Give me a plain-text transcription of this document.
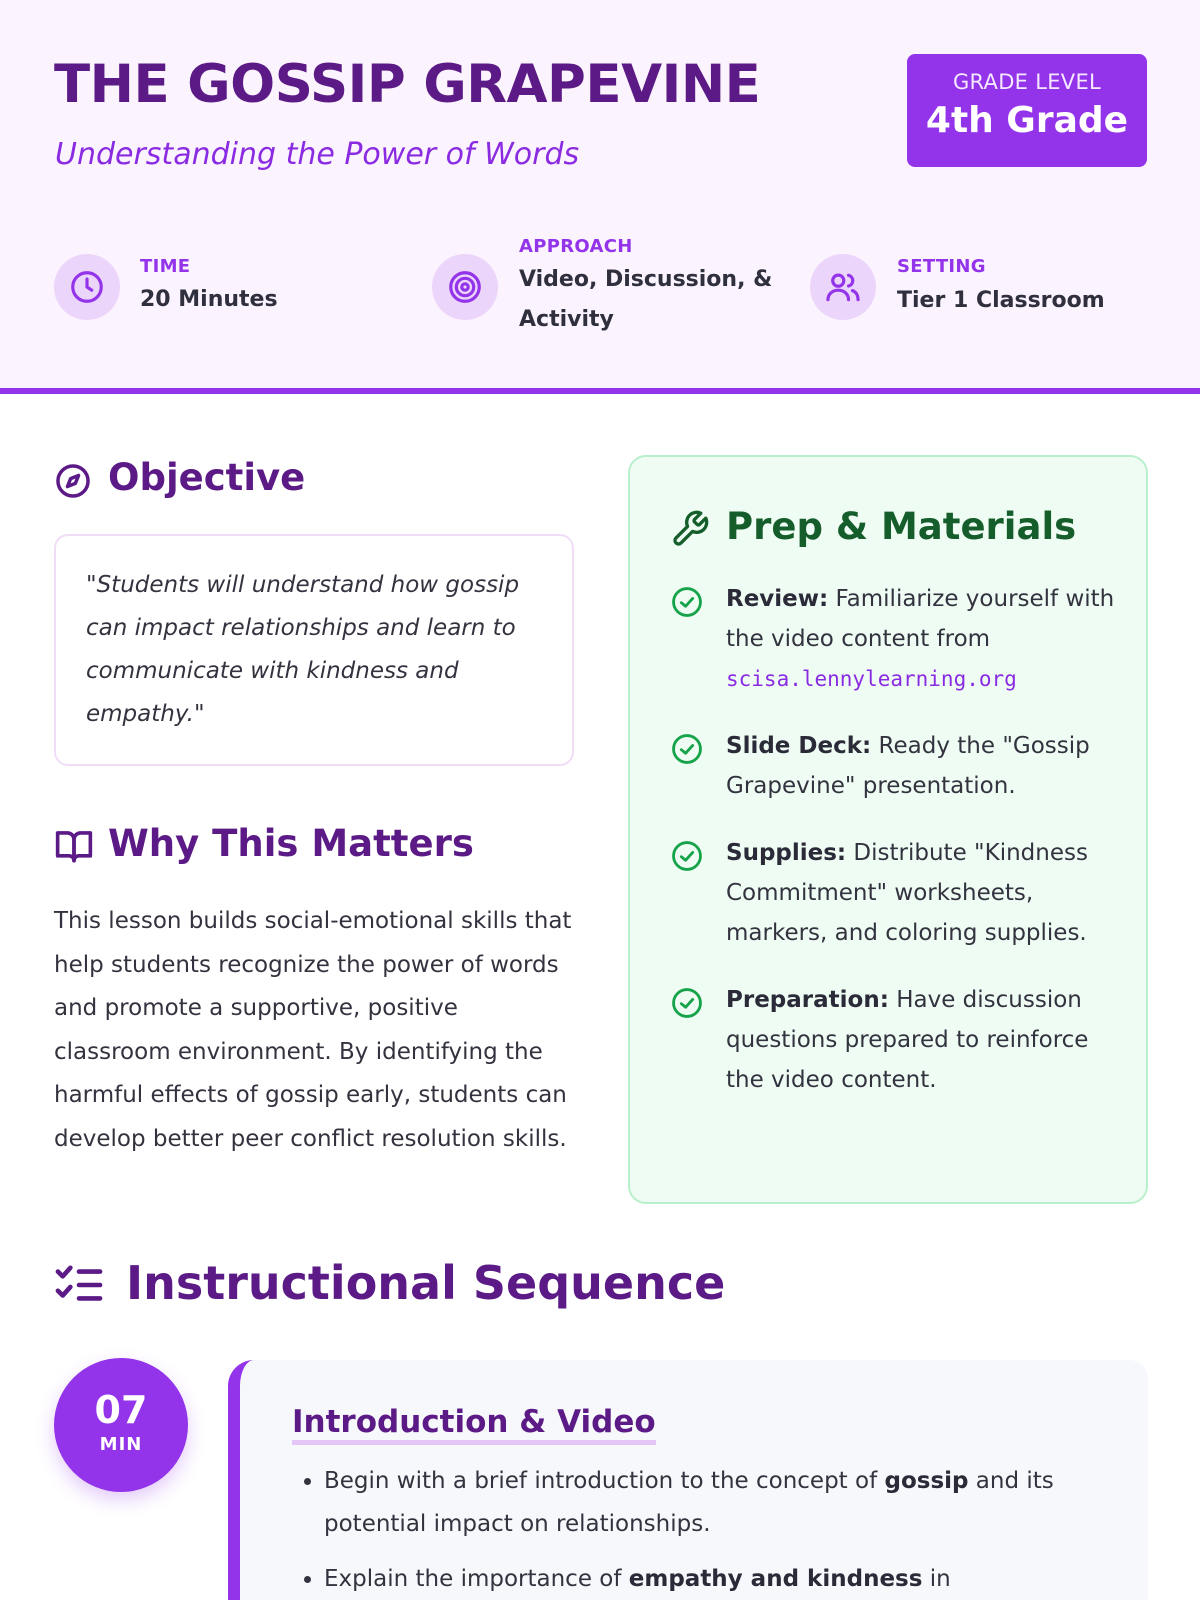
THE GOSSIP GRAPEVINE
Understanding the Power of Words
GRADE LEVEL
4th Grade
TIME
20 Minutes
APPROACH
Video, Discussion, &
Activity
SETTING
Tier 1 Classroom
Objective

"Students will understand how gossip can impact relationships and learn to communicate with kindness and empathy."

Why This Matters

This lesson builds social-emotional skills that help students recognize the power of words and promote a supportive, positive classroom environment. By identifying the harmful effects of gossip early, students can develop better peer conflict resolution skills.

Prep & Materials
Review: Familiarize yourself with the video content from scisa.lennylearning.org
Slide Deck: Ready the "Gossip Grapevine" presentation.
Supplies: Distribute "Kindness Commitment" worksheets, markers, and coloring supplies.
Preparation: Have discussion questions prepared to reinforce the video content.
Instructional Sequence
07
MIN
Introduction & Video
• Begin with a brief introduction to the concept of gossip and its potential impact on relationships.
• Explain the importance of empathy and kindness in
